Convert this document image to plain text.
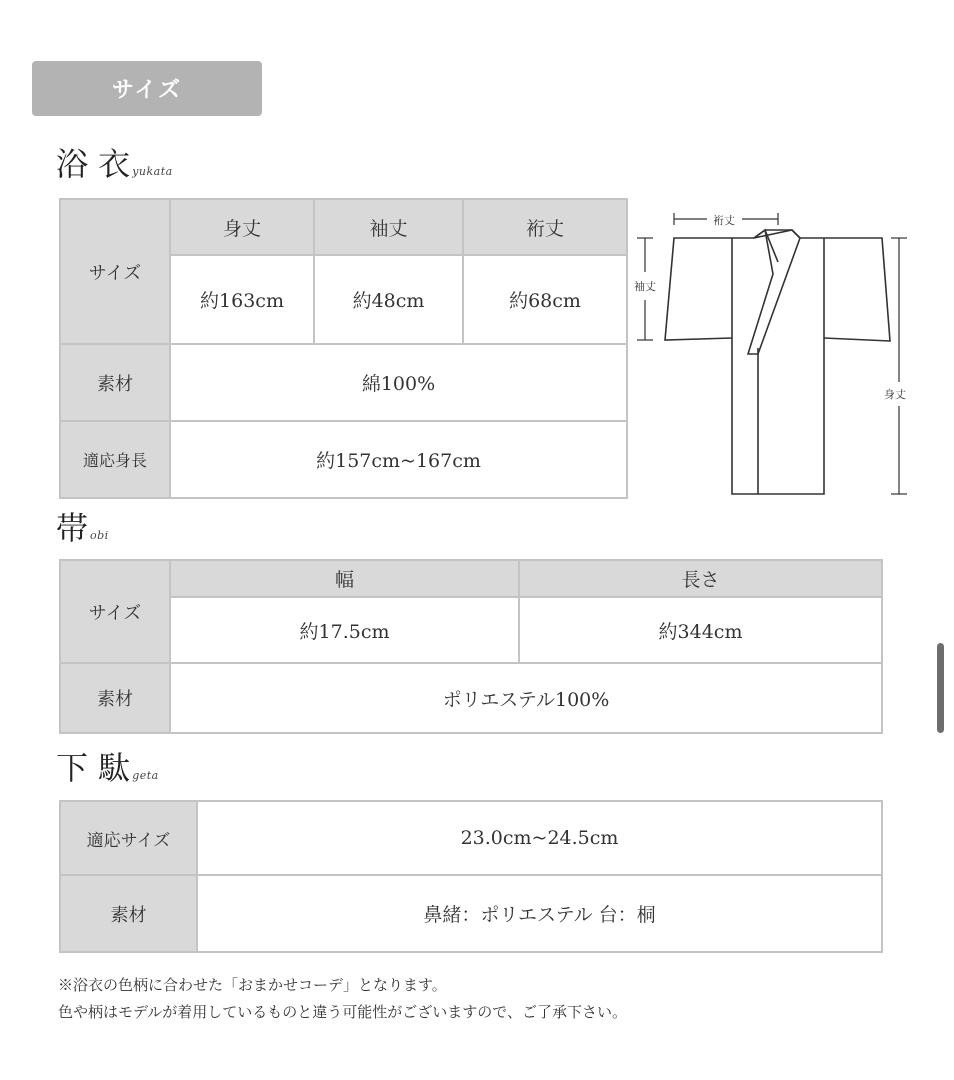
サイズ
浴 衣 yukata
サイズ	身丈	袖丈	裄丈
	約163cm	約48cm	約68cm
素材	綿100%		
適応身長	約157cm~167cm		
裄丈
袖丈
身丈
帯obi
サイズ	幅	長さ
	約17.5cm	約344cm
素材	ポリエステル100%	
下 駄 geta
適応サイズ	23.0cm~24.5cm
素材	鼻緒：ポリエステル 台：桐
※浴衣の色柄に合わせた「おまかせコーデ」となります。
色や柄はモデルが着用しているものと違う可能性がございますので、ご了承下さい。
